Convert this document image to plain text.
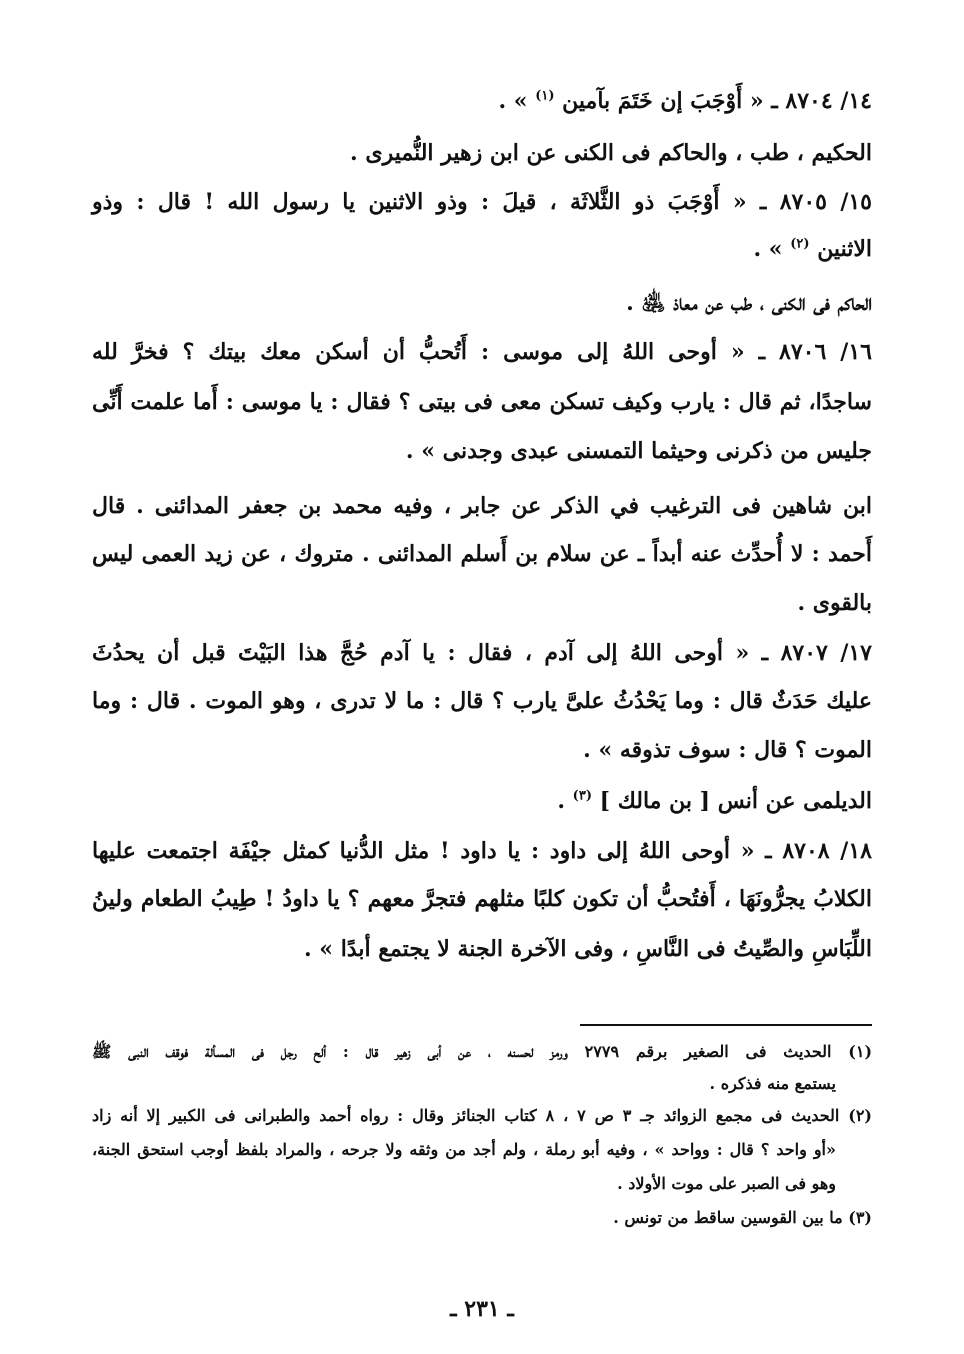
١٤/ ٨٧٠٤ ـ « أَوْجَبَ إن خَتَمَ بآمين $^{(١)}$ » .
الحكيم ، طب ، والحاكم فى الكنى عن ابن زهير النُّميرى .
١٥/ ٨٧٠٥ ـ « أَوْجَبَ ذو الثَّلاثَة ، قيلَ : وذو الاثنين يا رسول الله ! قال : وذو
الاثنين $^{(٢)}$ » .
الحاكم فى الكنى ، طب عن معاذ ﵁ .
١٦/ ٨٧٠٦ ـ « أوحى اللهُ إلى موسى : أَتُحبُّ أن أسكن معك بيتك ؟ فخرَّ لله
ساجدًا، ثم قال : يارب وكيف تسكن معى فى بيتى ؟ فقال : يا موسى : أَما علمت أَنِّى
جليس من ذكرنى وحيثما التمسنى عبدى وجدنى » .
ابن شاهين فى الترغيب في الذكر عن جابر ، وفيه محمد بن جعفر المدائنى . قال
أَحمد : لا أُحدِّث عنه أبداً ـ عن سلام بن أَسلم المدائنى . متروك ، عن زيد العمى ليس
بالقوى .
١٧/ ٨٧٠٧ ـ « أوحى اللهُ إلى آدم ، فقال : يا آدم حُجَّ هذا البَيْتَ قبل أن يحدُثَ
عليك حَدَثٌ قال : وما يَحْدُثُ علىَّ يارب ؟ قال : ما لا تدرى ، وهو الموت . قال : وما
الموت ؟ قال : سوف تذوقه » .
الديلمى عن أنس [ بن مالك ] $^{(٣)}$ .
١٨/ ٨٧٠٨ ـ « أوحى اللهُ إلى داود : يا داود ! مثل الدُّنيا كمثل جيْفَة اجتمعت عليها
الكلابُ يجرُّونَهَا ، أَفتُحبُّ أن تكون كلبًا مثلهم فتجرَّ معهم ؟ يا داودُ ! طِيبُ الطعام ولينُ
اللِّبَاسِ والصِّيتُ فى النَّاسِ ، وفى الآخرة الجنة لا يجتمع أبدًا » .
(١) الحديث فى الصغير برقم ٢٧٧٩ ورمز لحسنه ، عن أبى زهير قال : ألح رجل فى المسألة فوقف النبى ﷺ
يستمع منه فذكره .
(٢) الحديث فى مجمع الزوائد جـ ٣ ص ٧ ، ٨ كتاب الجنائز وقال : رواه أحمد والطبرانى فى الكبير إلا أنه زاد
«أو واحد ؟ قال : وواحد » ، وفيه أبو رملة ، ولم أجد من وثقه ولا جرحه ، والمراد بلفظ أوجب استحق الجنة،
وهو فى الصبر على موت الأولاد .
(٣) ما بين القوسين ساقط من تونس .
ـ ٢٣١ ـ
